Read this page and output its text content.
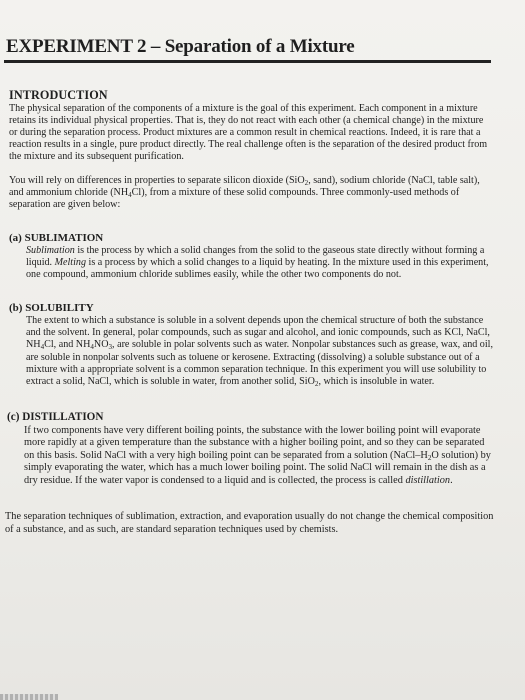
EXPERIMENT 2 – Separation of a Mixture
INTRODUCTION

The physical separation of the components of a mixture is the goal of this experiment. Each component in a mixture retains its individual physical properties. That is, they do not react with each other (a chemical change) in the mixture or during the separation process. Product mixtures are a common result in chemical reactions. Indeed, it is rare that a reaction results in a single, pure product directly. The real challenge often is the separation of the desired product from the mixture and its subsequent purification.

You will rely on differences in properties to separate silicon dioxide (SiO$_2$, sand), sodium chloride (NaCl, table salt), and ammonium chloride $(NH_4Cl)$, from a mixture of these solid compounds. Three commonly-used methods of separation are given below:

(a) SUBLIMATION

Sublimation is the process by which a solid changes from the solid to the gaseous state directly without forming a liquid. Melting is a process by which a solid changes to a liquid by heating. In the mixture used in this experiment, one compound, ammonium chloride sublimes easily, while the other two components do not.

(b) SOLUBILITY

The extent to which a substance is soluble in a solvent depends upon the chemical structure of both the substance and the solvent. In general, polar compounds, such as sugar and alcohol, and ionic compounds, such as KCl, NaCl, $NH_4Cl$, and $NH_4NO_3$, are soluble in polar solvents such as water. Nonpolar substances such as grease, wax, and oil, are soluble in nonpolar solvents such as toluene or kerosene. Extracting (dissolving) a soluble substance out of a mixture with a appropriate solvent is a common separation technique. In this experiment you will use solubility to extract a solid, NaCl, which is soluble in water, from another solid, SiO$_2$, which is insoluble in water.

(c) DISTILLATION

If two components have very different boiling points, the substance with the lower boiling point will evaporate more rapidly at a given temperature than the substance with a higher boiling point, and so they can be separated on this basis. Solid NaCl with a very high boiling point can be separated from a solution ($NaCl-H_2O$ solution) by simply evaporating the water, which has a much lower boiling point. The solid NaCl will remain in the dish as a dry residue. If the water vapor is condensed to a liquid and is collected, the process is called distillation.

The separation techniques of sublimation, extraction, and evaporation usually do not change the chemical composition of a substance, and as such, are standard separation techniques used by chemists.
